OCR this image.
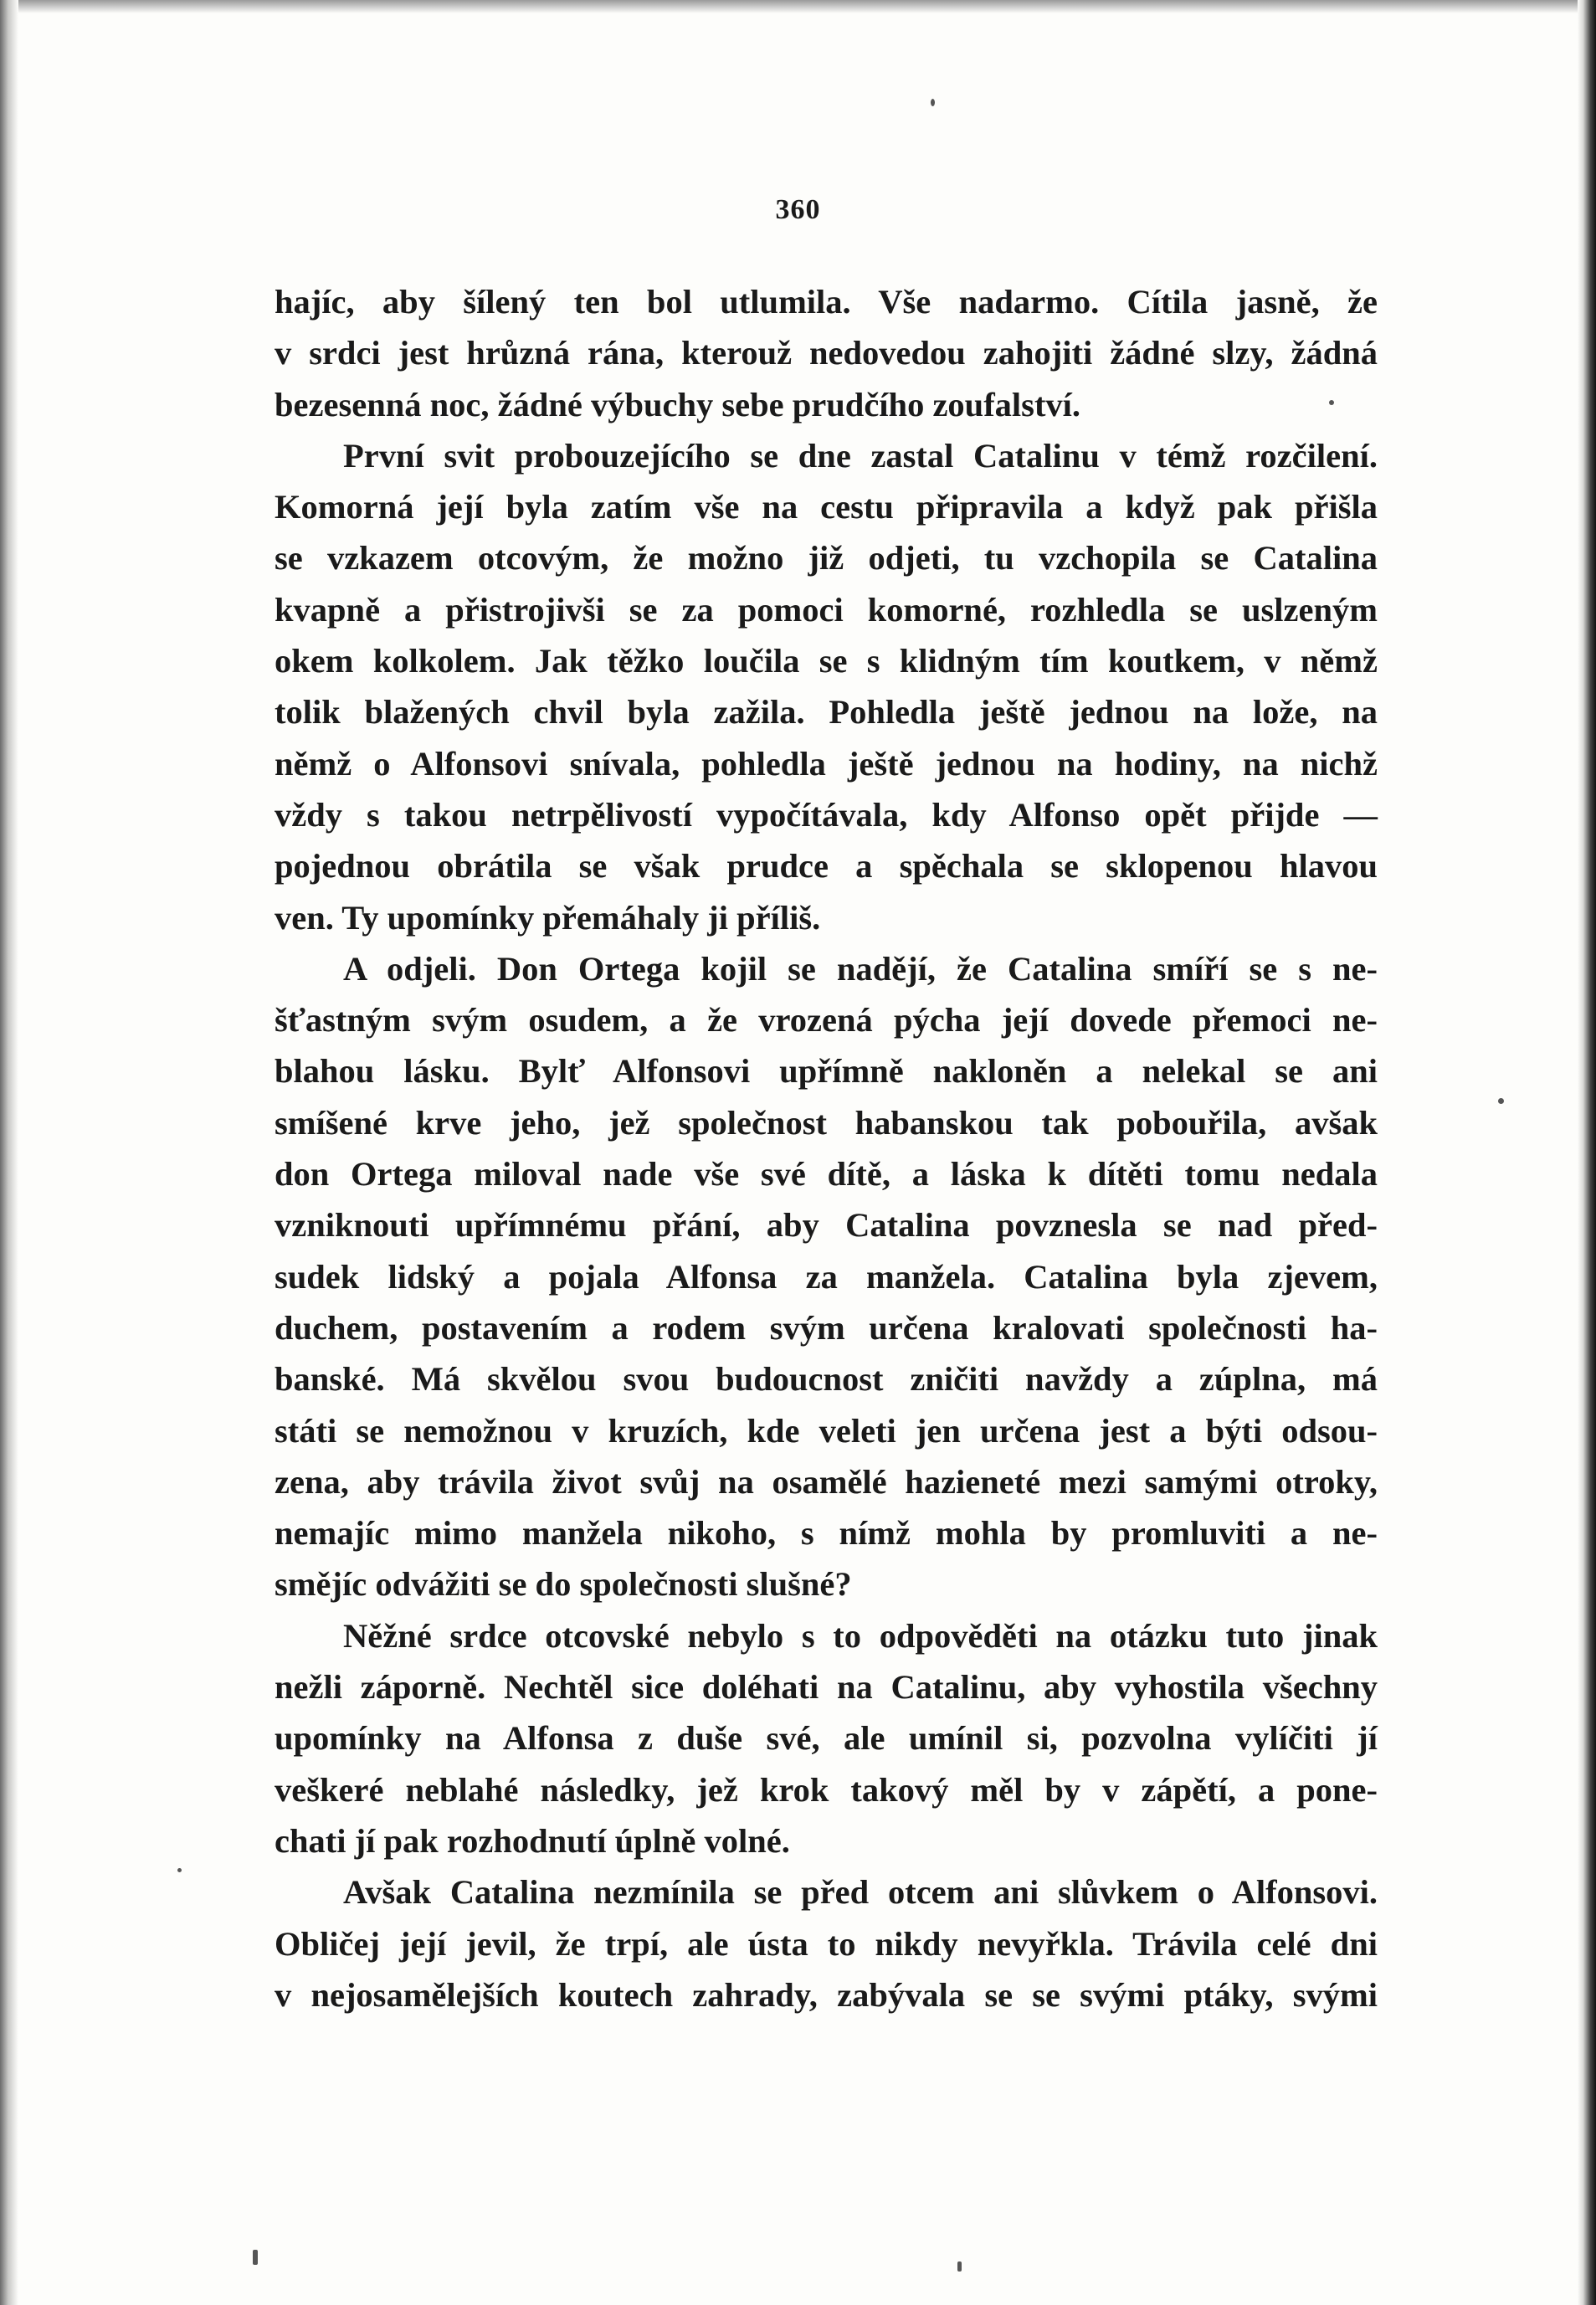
360
hajíc, aby šílený ten bol utlumila. Vše nadarmo. Cítila jasně, že
v srdci jest hrůzná rána, kterouž nedovedou zahojiti žádné slzy, žádná
bezesenná noc, žádné výbuchy sebe prudčího zoufalství.
První svit probouzejícího se dne zastal Catalinu v témž rozčilení.
Komorná její byla zatím vše na cestu připravila a když pak přišla
se vzkazem otcovým, že možno již odjeti, tu vzchopila se Catalina
kvapně a přistrojivši se za pomoci komorné, rozhledla se uslzeným
okem kolkolem. Jak těžko loučila se s klidným tím koutkem, v němž
tolik blažených chvil byla zažila. Pohledla ještě jednou na lože, na
němž o Alfonsovi snívala, pohledla ještě jednou na hodiny, na nichž
vždy s takou netrpělivostí vypočítávala, kdy Alfonso opět přijde —
pojednou obrátila se však prudce a spěchala se sklopenou hlavou
ven. Ty upomínky přemáhaly ji příliš.
A odjeli. Don Ortega kojil se nadějí, že Catalina smíří se s ne-
šťastným svým osudem, a že vrozená pýcha její dovede přemoci ne-
blahou lásku. Bylť Alfonsovi upřímně nakloněn a nelekal se ani
smíšené krve jeho, jež společnost habanskou tak pobouřila, avšak
don Ortega miloval nade vše své dítě, a láska k dítěti tomu nedala
vzniknouti upřímnému přání, aby Catalina povznesla se nad před-
sudek lidský a pojala Alfonsa za manžela. Catalina byla zjevem,
duchem, postavením a rodem svým určena kralovati společnosti ha-
banské. Má skvělou svou budoucnost zničiti navždy a zúplna, má
státi se nemožnou v kruzích, kde veleti jen určena jest a býti odsou-
zena, aby trávila život svůj na osamělé hazieneté mezi samými otroky,
nemajíc mimo manžela nikoho, s nímž mohla by promluviti a ne-
smějíc odvážiti se do společnosti slušné?
Něžné srdce otcovské nebylo s to odpověděti na otázku tuto jinak
nežli záporně. Nechtěl sice doléhati na Catalinu, aby vyhostila všechny
upomínky na Alfonsa z duše své, ale umínil si, pozvolna vylíčiti jí
veškeré neblahé následky, jež krok takový měl by v zápětí, a pone-
chati jí pak rozhodnutí úplně volné.
Avšak Catalina nezmínila se před otcem ani slůvkem o Alfonsovi.
Obličej její jevil, že trpí, ale ústa to nikdy nevyřkla. Trávila celé dni
v nejosamělejších koutech zahrady, zabývala se se svými ptáky, svými
